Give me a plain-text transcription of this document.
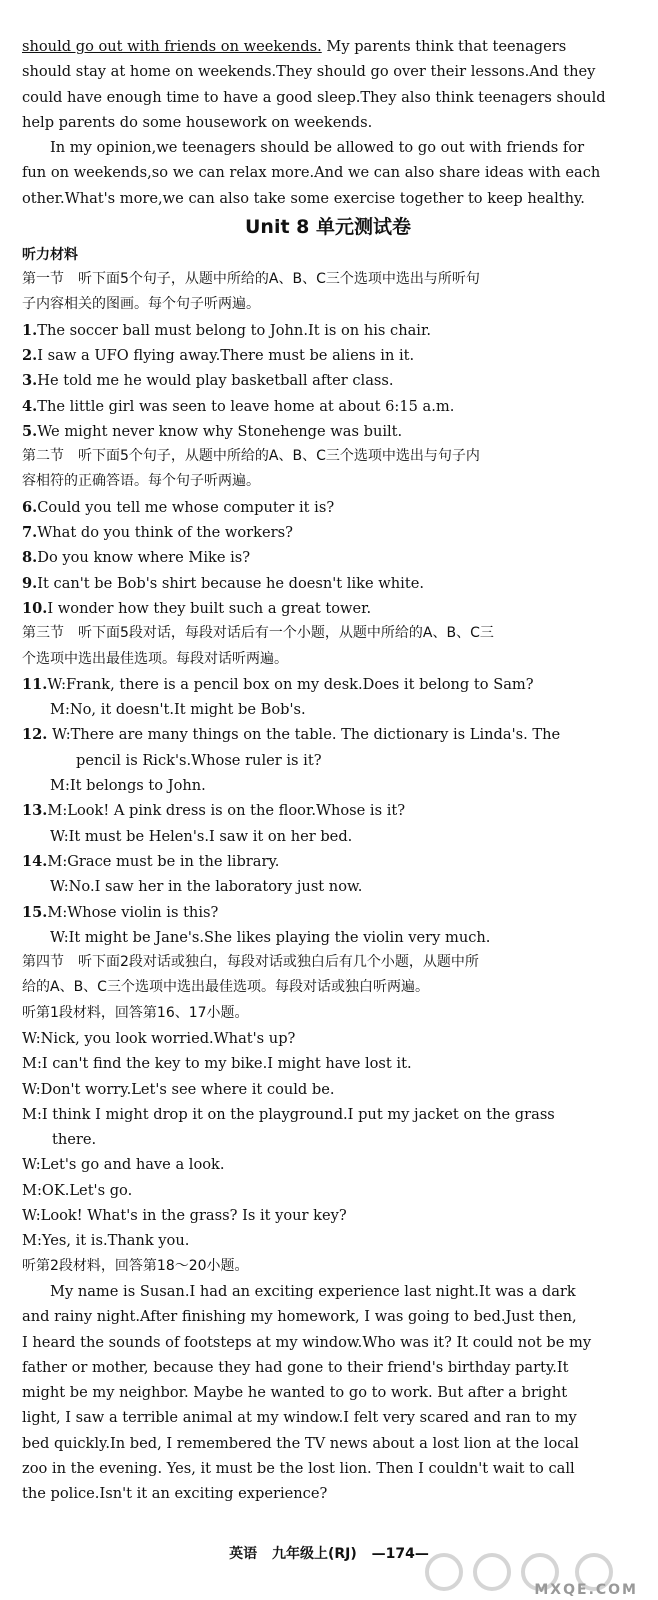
should go out with friends on weekends. My parents think that teenagers
should stay at home on weekends.They should go over their lessons.And they
could have enough time to have a good sleep.They also think teenagers should
help parents do some housework on weekends.
In my opinion,we teenagers should be allowed to go out with friends for
fun on weekends,so we can relax more.And we can also share ideas with each
other.What's more,we can also take some exercise together to keep healthy.
Unit 8 单元测试卷
听力材料
第一节　听下面5个句子，从题中所给的A、B、C三个选项中选出与所听句
子内容相关的图画。每个句子听两遍。
1.The soccer ball must belong to John.It is on his chair.
2.I saw a UFO flying away.There must be aliens in it.
3.He told me he would play basketball after class.
4.The little girl was seen to leave home at about 6:15 a.m.
5.We might never know why Stonehenge was built.
第二节　听下面5个句子，从题中所给的A、B、C三个选项中选出与句子内
容相符的正确答语。每个句子听两遍。
6.Could you tell me whose computer it is?
7.What do you think of the workers?
8.Do you know where Mike is?
9.It can't be Bob's shirt because he doesn't like white.
10.I wonder how they built such a great tower.
第三节　听下面5段对话，每段对话后有一个小题，从题中所给的A、B、C三
个选项中选出最佳选项。每段对话听两遍。
11.W:Frank, there is a pencil box on my desk.Does it belong to Sam?
M:No, it doesn't.It might be Bob's.
12. W:There are many things on the table. The dictionary is Linda's. The
pencil is Rick's.Whose ruler is it?
M:It belongs to John.
13.M:Look! A pink dress is on the floor.Whose is it?
W:It must be Helen's.I saw it on her bed.
14.M:Grace must be in the library.
W:No.I saw her in the laboratory just now.
15.M:Whose violin is this?
W:It might be Jane's.She likes playing the violin very much.
第四节　听下面2段对话或独白，每段对话或独白后有几个小题，从题中所
给的A、B、C三个选项中选出最佳选项。每段对话或独白听两遍。
听第1段材料，回答第16、17小题。
W:Nick, you look worried.What's up?
M:I can't find the key to my bike.I might have lost it.
W:Don't worry.Let's see where it could be.
M:I think I might drop it on the playground.I put my jacket on the grass
there.
W:Let's go and have a look.
M:OK.Let's go.
W:Look! What's in the grass? Is it your key?
M:Yes, it is.Thank you.
听第2段材料，回答第18～20小题。
My name is Susan.I had an exciting experience last night.It was a dark
and rainy night.After finishing my homework, I was going to bed.Just then,
I heard the sounds of footsteps at my window.Who was it? It could not be my
father or mother, because they had gone to their friend's birthday party.It
might be my neighbor. Maybe he wanted to go to work. But after a bright
light, I saw a terrible animal at my window.I felt very scared and ran to my
bed quickly.In bed, I remembered the TV news about a lost lion at the local
zoo in the evening. Yes, it must be the lost lion. Then I couldn't wait to call
the police.Isn't it an exciting experience?
英语 九年级上(RJ) —174—
MXQE.COM
